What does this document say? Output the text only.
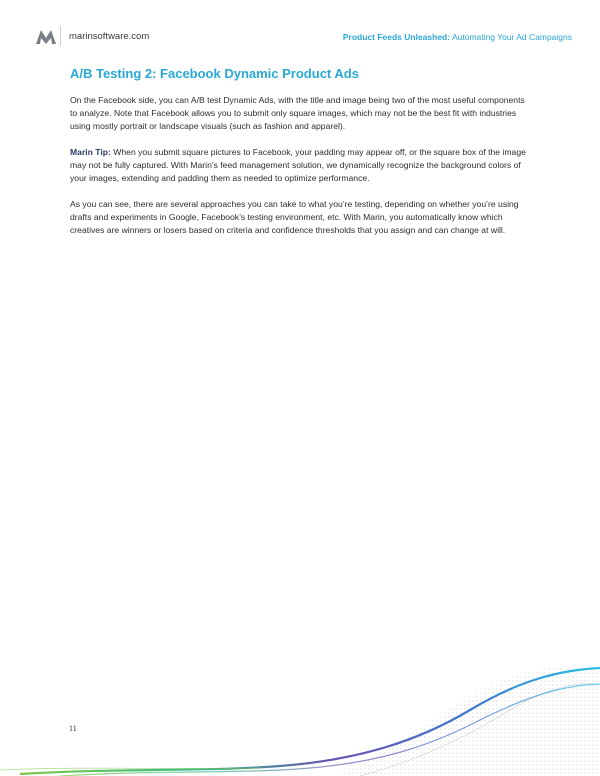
marinsoftware.com	Product Feeds Unleashed: Automating Your Ad Campaigns
A/B Testing 2: Facebook Dynamic Product Ads

On the Facebook side, you can A/B test Dynamic Ads, with the title and image being two of the most useful components to analyze. Note that Facebook allows you to submit only square images, which may not be the best fit with industries using mostly portrait or landscape visuals (such as fashion and apparel).

Marin Tip: When you submit square pictures to Facebook, your padding may appear off, or the square box of the image may not be fully captured. With Marin’s feed management solution, we dynamically recognize the background colors of your images, extending and padding them as needed to optimize performance.

As you can see, there are several approaches you can take to what you’re testing, depending on whether you’re using drafts and experiments in Google, Facebook’s testing environment, etc. With Marin, you automatically know which creatives are winners or losers based on criteria and confidence thresholds that you assign and can change at will.

11
